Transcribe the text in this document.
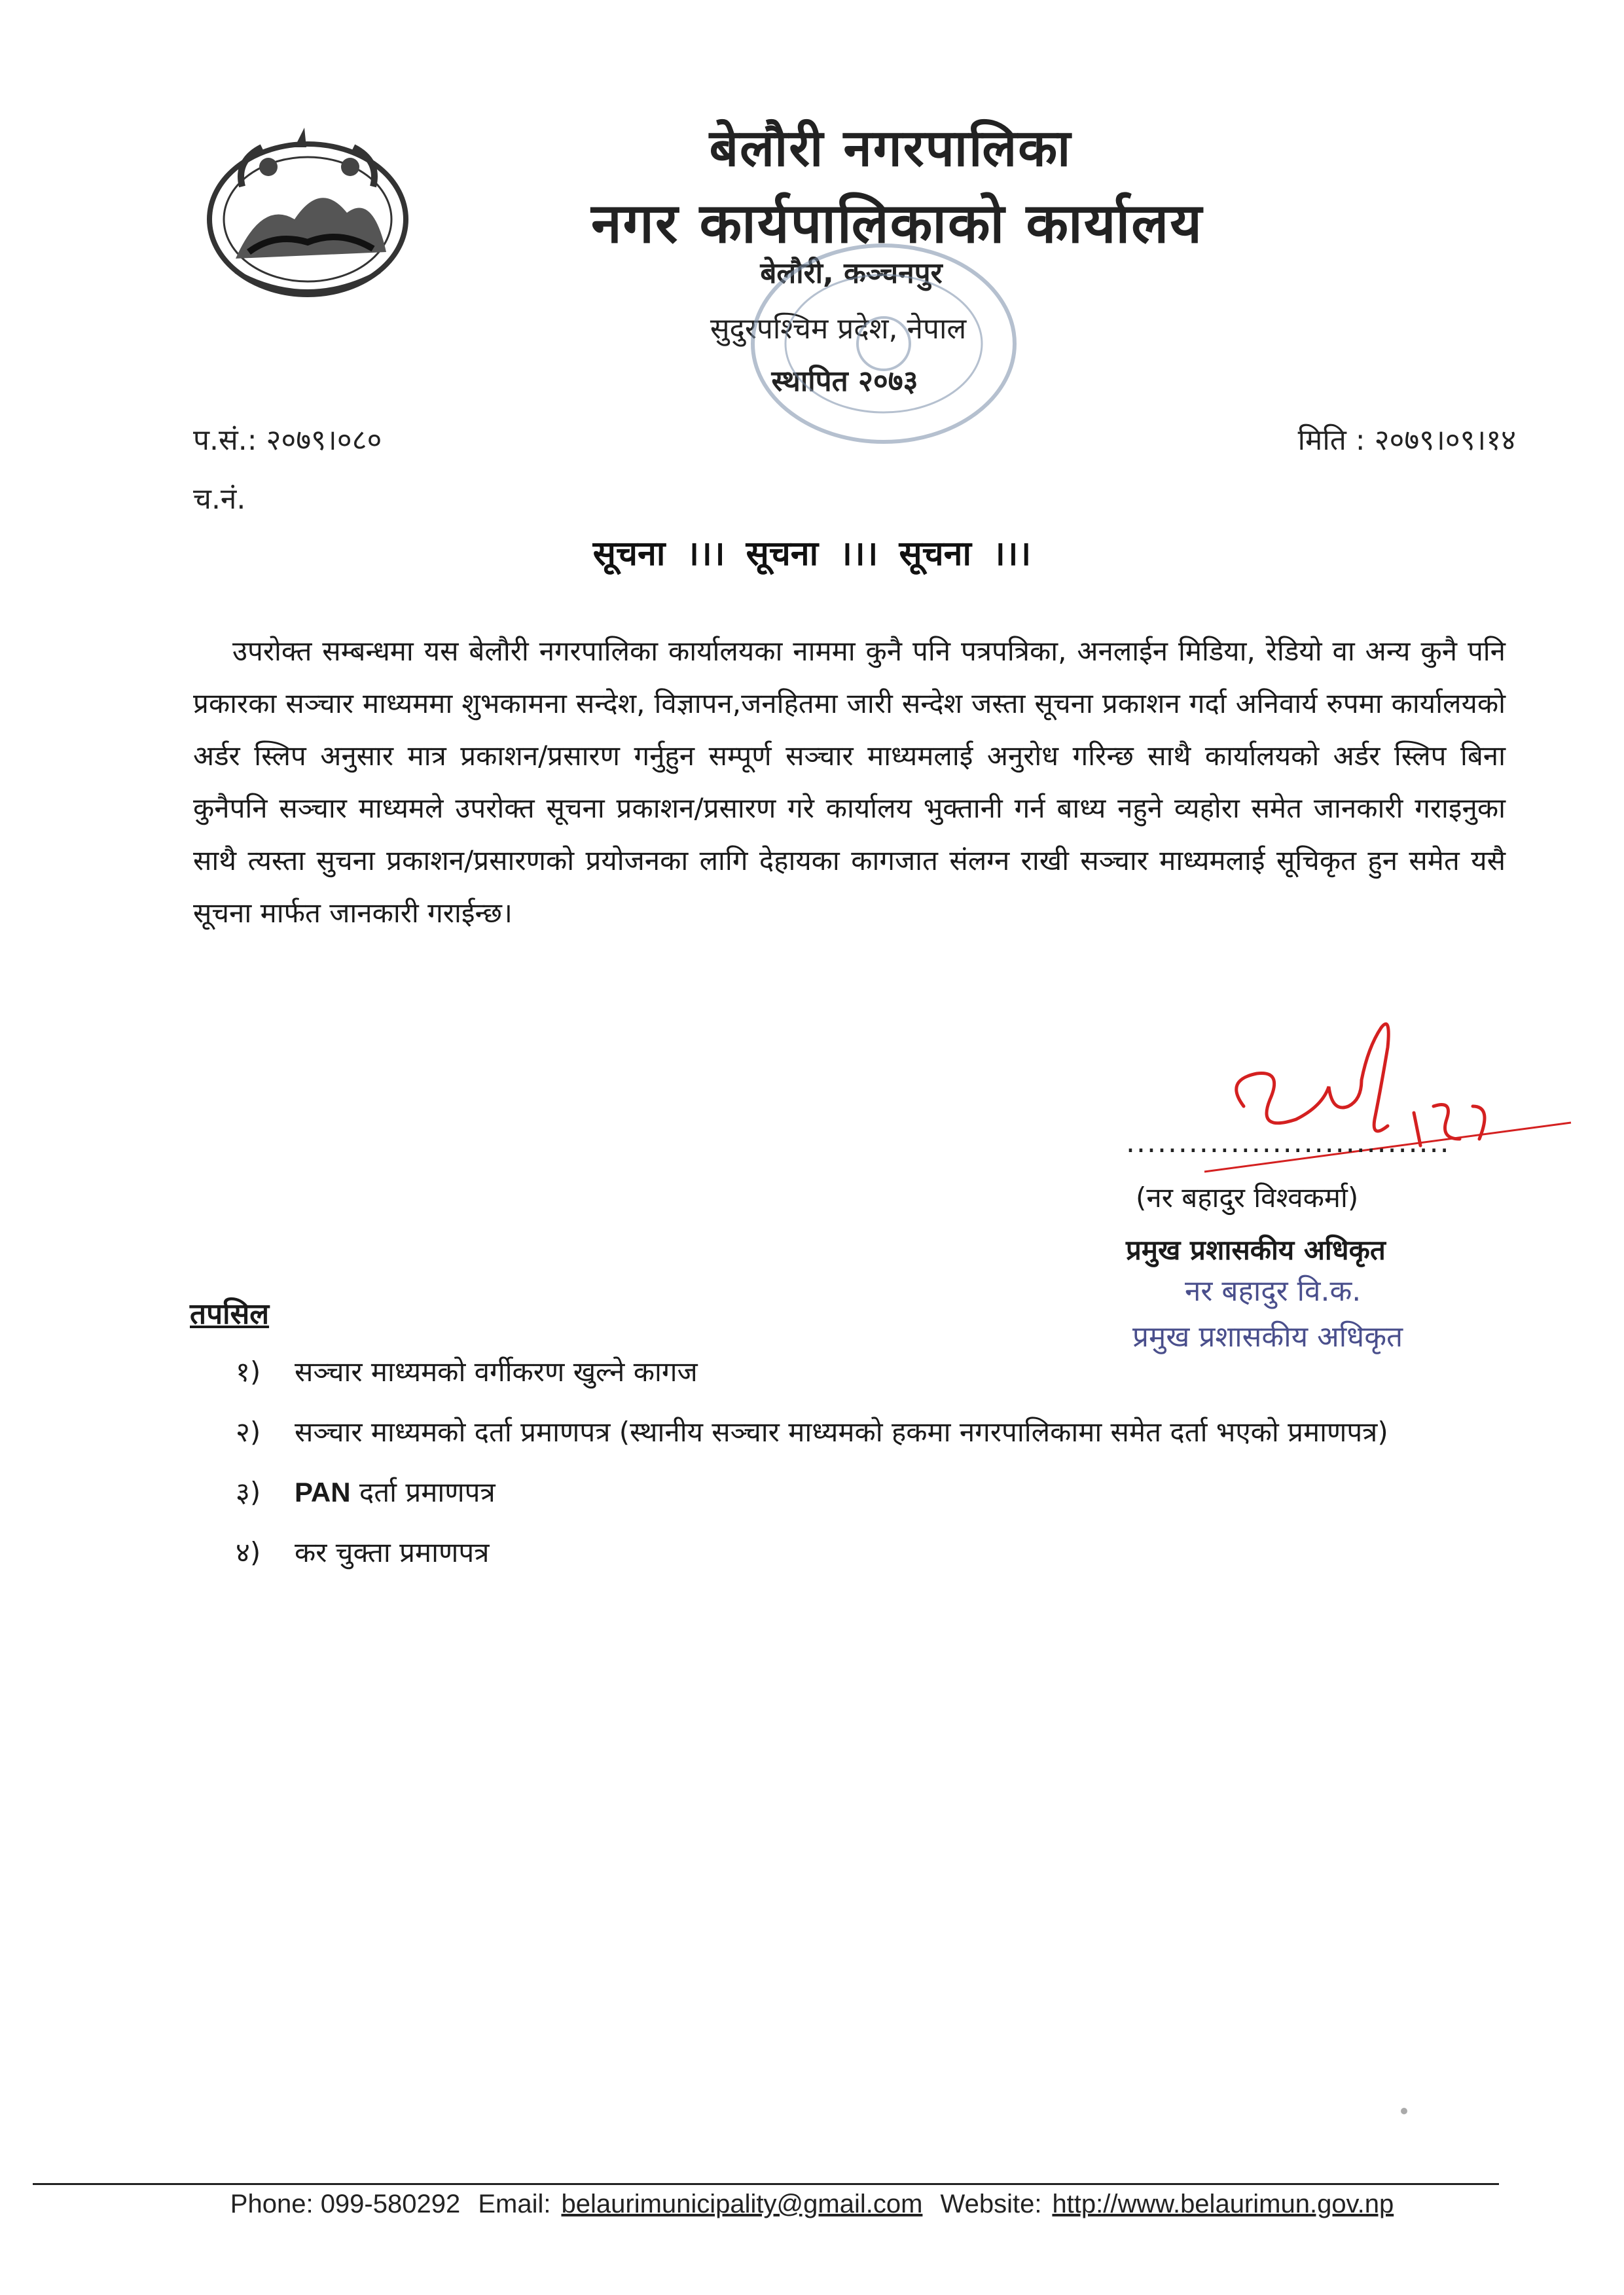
बेलौरी नगरपालिका
नगर कार्यपालिकाको कार्यालय
बेलौरी, कञ्चनपुर
सुदुरपश्चिम प्रदेश, नेपाल
स्थापित २०७३
प.सं.: २०७९।०८०
च.नं.
मिति : २०७९।०९।१४
सूचना ।।। सूचना ।।। सूचना ।।।
उपरोक्त सम्बन्धमा यस बेलौरी नगरपालिका कार्यालयका नाममा कुनै पनि पत्रपत्रिका, अनलाईन मिडिया, रेडियो वा अन्य कुनै पनि प्रकारका सञ्चार माध्यममा शुभकामना सन्देश, विज्ञापन,जनहितमा जारी सन्देश जस्ता सूचना प्रकाशन गर्दा अनिवार्य रुपमा कार्यालयको अर्डर स्लिप अनुसार मात्र प्रकाशन/प्रसारण गर्नुहुन सम्पूर्ण सञ्चार माध्यमलाई अनुरोध गरिन्छ साथै कार्यालयको अर्डर स्लिप बिना कुनैपनि सञ्चार माध्यमले उपरोक्त सूचना प्रकाशन/प्रसारण गरे कार्यालय भुक्तानी गर्न बाध्य नहुने व्यहोरा समेत जानकारी गराइनुका साथै त्यस्ता सुचना प्रकाशन/प्रसारणको प्रयोजनका लागि देहायका कागजात संलग्न राखी सञ्चार माध्यमलाई सूचिकृत हुन समेत यसै सूचना मार्फत जानकारी गराईन्छ।
...............................
(नर बहादुर विश्वकर्मा)
प्रमुख प्रशासकीय अधिकृत
नर बहादुर वि.क.
प्रमुख प्रशासकीय अधिकृत
तपसिल
१)	सञ्चार माध्यमको वर्गीकरण खुल्ने कागज
२)	सञ्चार माध्यमको दर्ता प्रमाणपत्र (स्थानीय सञ्चार माध्यमको हकमा नगरपालिकामा समेत दर्ता भएको प्रमाणपत्र)
३)	PAN दर्ता प्रमाणपत्र
४)	कर चुक्ता प्रमाणपत्र
Phone: 099-580292 Email: belaurimunicipality@gmail.com Website: http://www.belaurimun.gov.np
